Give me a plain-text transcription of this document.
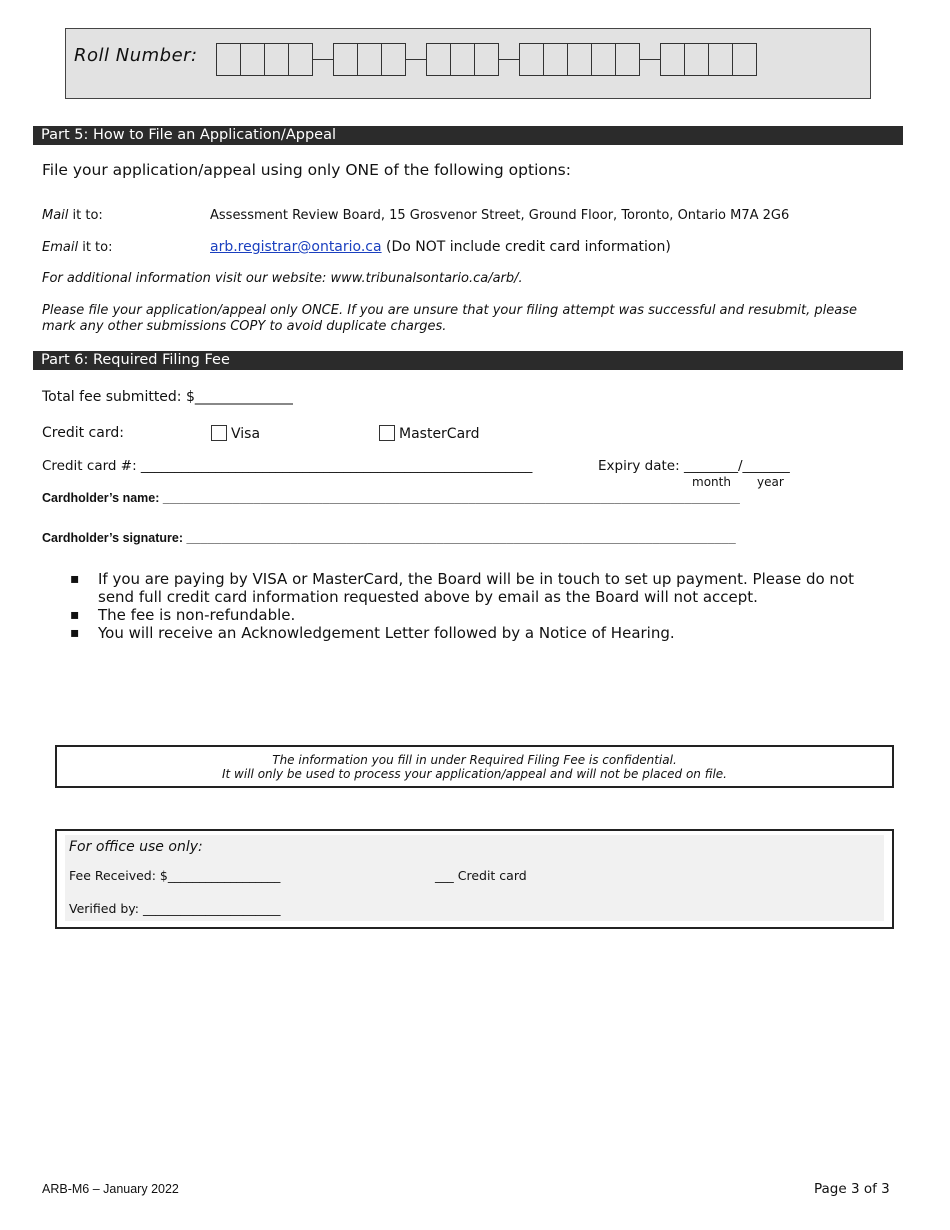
Roll Number:
Part 5: How to File an Application/Appeal
File your application/appeal using only ONE of the following options:
Mail it to:	Assessment Review Board, 15 Grosvenor Street, Ground Floor, Toronto, Ontario M7A 2G6
Email it to:	arb.registrar@ontario.ca (Do NOT include credit card information)
For additional information visit our website: www.tribunalsontario.ca/arb/.
Please file your application/appeal only ONCE. If you are unsure that your filing attempt was successful and resubmit, please
mark any other submissions COPY to avoid duplicate charges.
Part 6: Required Filing Fee
Total fee submitted: $______________
Credit card:	Visa	MasterCard
Credit card #: __________________________________________________________	Expiry date: ________/_______
month year
Cardholder’s name: ___________________________________________________________________________________
Cardholder’s signature: _______________________________________________________________________________
▪ If you are paying by VISA or MasterCard, the Board will be in touch to set up payment. Please do not send full credit card information requested above by email as the Board will not accept.
▪ The fee is non-refundable.
▪ You will receive an Acknowledgement Letter followed by a Notice of Hearing.
The information you fill in under Required Filing Fee is confidential.
It will only be used to process your application/appeal and will not be placed on file.
For office use only:
Fee Received: $__________________	___ Credit card
Verified by: ______________________
ARB-M6 – January 2022	Page 3 of 3
